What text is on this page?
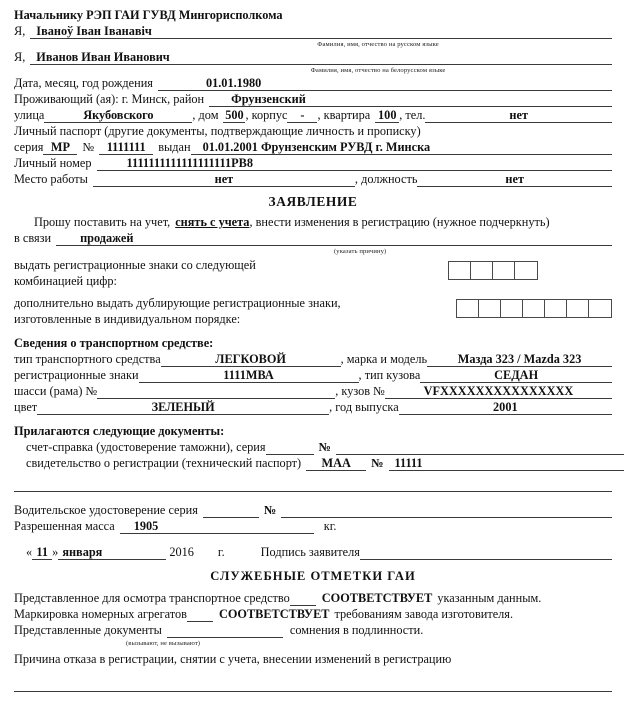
Начальнику РЭП ГАИ ГУВД Мингорисполкома
Я, Іваноў Іван Іванавіч
Фамилия, имя, отчество на русском языке
Я, Иванов Иван Иванович
Фамилия, имя, отчество на белорусском языке
Дата, месяц, год рождения	01.01.1980
Проживающий (ая): г. Минск, район	Фрунзенский
улица	Якубовского	, дом 500 , корпус	-	, квартира 100 , тел.	нет
Личный паспорт (другие документы, подтверждающие личность и прописку)
серия МР	№	1111111	выдан 01.01.2001 Фрунзенским РУВД г. Минска
Личный номер	1111111111111111111РВ8
Место работы	нет	, должность	нет
ЗАЯВЛЕНИЕ
Прошу поставить на учет, снять с учета , внести изменения в регистрацию (нужное подчеркнуть)
в связи	продажей
(указать причину)
выдать регистрационные знаки со следующей
комбинацией цифр:
дополнительно выдать дублирующие регистрационные знаки,
изготовленные в индивидуальном порядке:
Сведения о транспортном средстве:
тип транспортного средства	ЛЕГКОВОЙ	, марка и модель	Мазда 323 / Mazda 323
регистрационные знаки	1111МВА	, тип кузова	СЕДАН
шасси (рама) №	, кузов №	VFXXXXXXXXXXXXXXX
цвет	ЗЕЛЕНЫЙ	, год выпуска	2001
Прилагаются следующие документы:
счет-справка (удостоверение таможни), серия	№
свидетельство о регистрации (технический паспорт)	МАА	№ 11111
Водительское удостоверение серия	№
Разрешенная масса	1905	кг.
« 11 » января	2016	г.	Подпись заявителя
СЛУЖЕБНЫЕ ОТМЕТКИ ГАИ
Представленное для осмотра транспортное средство	СООТВЕТСТВУЕТ указанным данным.
Маркировка номерных агрегатов	СООТВЕТСТВУЕТ требованиям завода изготовителя.
Представленные документы	сомнения в подлинности.
(вызывают, не вызывают)
Причина отказа в регистрации, снятии с учета, внесении изменений в регистрацию
